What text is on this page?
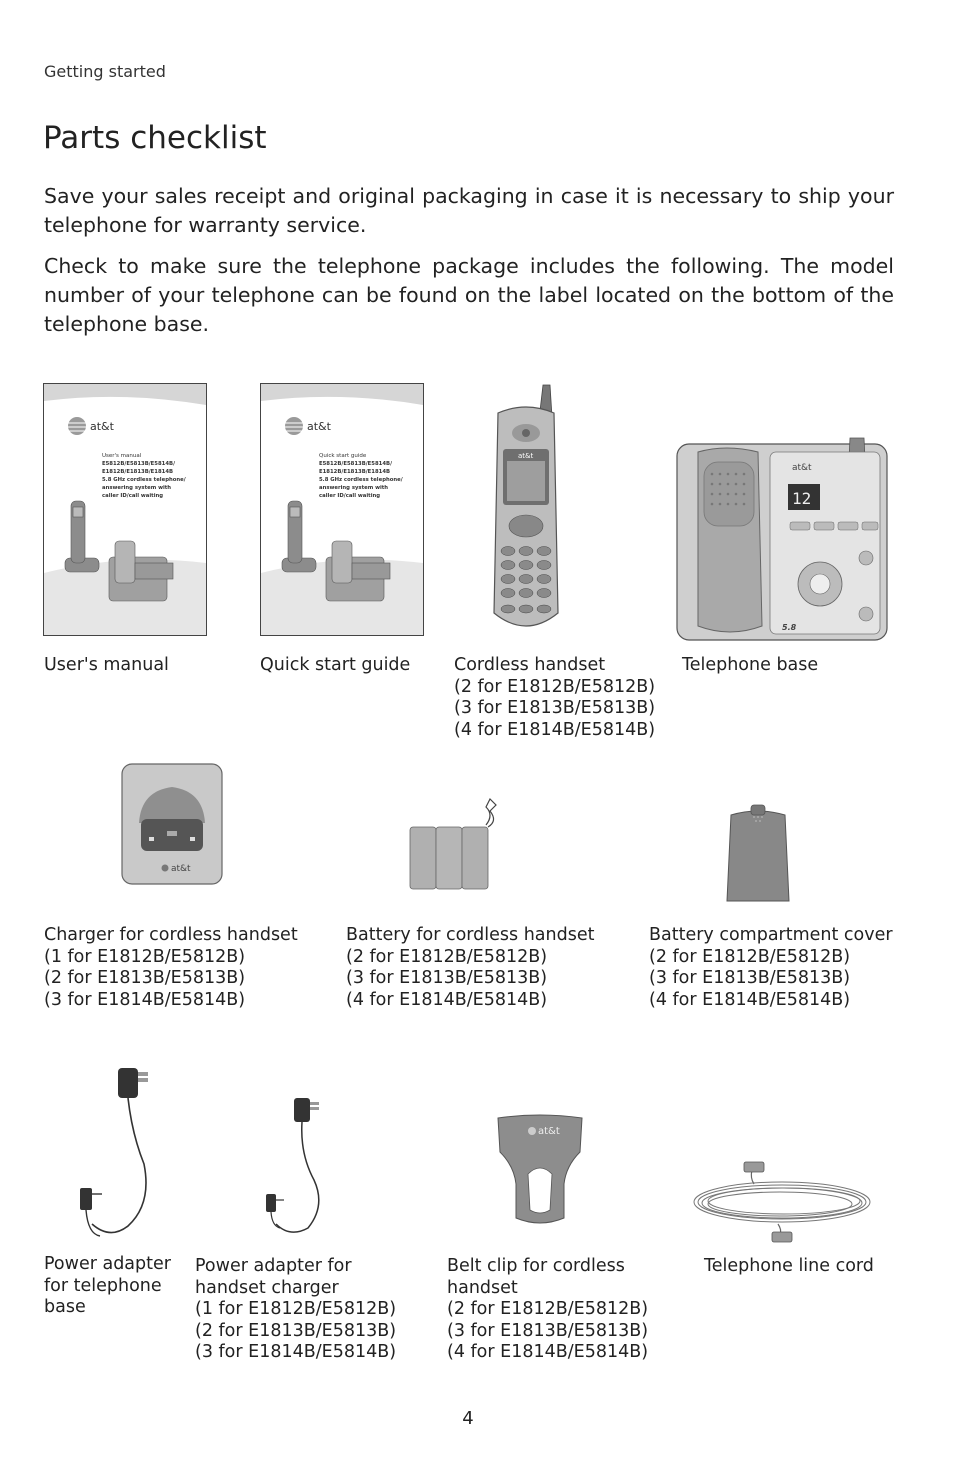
Getting started
Parts checklist

Save your sales receipt and original packaging in case it is necessary to ship your telephone for warranty service.

Check to make sure the telephone package includes the following. The model number of your telephone can be found on the label located on the bottom of the telephone base.

at&t
User's manual
E5812B/E5813B/E5814B/
E1812B/E1813B/E1814B
5.8 GHz cordless telephone/
answering system with
caller ID/call waiting
at&t
Quick start guide
E5812B/E5813B/E5814B/
E1812B/E1813B/E1814B
5.8 GHz cordless telephone/
answering system with
caller ID/call waiting
at&t
at&t
12
5.8
User's manual	Quick start guide Cordless handset
(2 for E1812B/E5812B)
(3 for E1813B/E5813B)
(4 for E1814B/E5814B)
Telephone base
at&t
Charger for cordless handset
(1 for E1812B/E5812B)
(2 for E1813B/E5813B)
(3 for E1814B/E5814B)
Battery for cordless handset
(2 for E1812B/E5812B)
(3 for E1813B/E5813B)
(4 for E1814B/E5814B)
Battery compartment cover
(2 for E1812B/E5812B)
(3 for E1813B/E5813B)
(4 for E1814B/E5814B)
at&t
Power adapter
for telephone
base
Power adapter for
handset charger
(1 for E1812B/E5812B)
(2 for E1813B/E5813B)
(3 for E1814B/E5814B)
Belt clip for cordless
handset
(2 for E1812B/E5812B)
(3 for E1813B/E5813B)
(4 for E1814B/E5814B)
Telephone line cord
4
